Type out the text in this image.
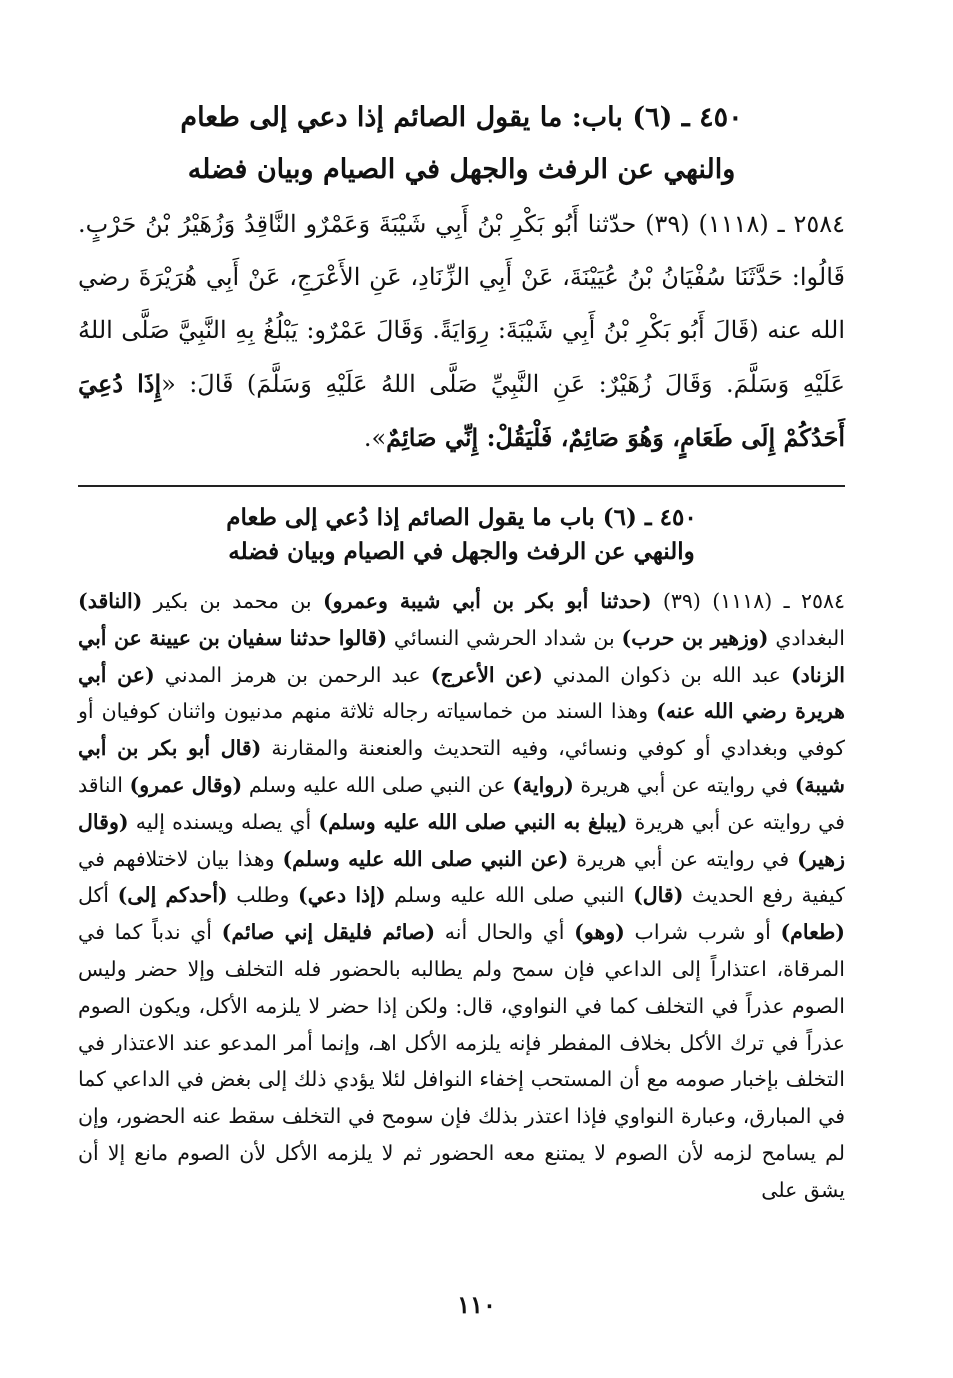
٤٥٠ ـ (٦) باب: ما يقول الصائم إذا دعي إلى طعام
والنهي عن الرفث والجهل في الصيام وبيان فضله
٢٥٨٤ ـ (١١١٨) (٣٩) حدّثنا أَبُو بَكْرِ بْنُ أَبِي شَيْبَةَ وَعَمْرٌو النَّاقِدُ وَزُهَيْرُ بْنُ حَرْبٍ. قَالُوا: حَدَّثَنَا سُفْيَانُ بْنُ عُيَيْنَةَ، عَنْ أَبِي الزِّنَادِ، عَنِ الأَعْرَجِ، عَنْ أَبِي هُرَيْرَةَ رضي الله عنه (قَالَ أَبُو بَكْرِ بْنُ أَبِي شَيْبَةَ: رِوَايَةً. وَقَالَ عَمْرٌو: يَبْلُغُ بِهِ النَّبِيَّ صَلَّى اللهُ عَلَيْهِ وَسَلَّمَ. وَقَالَ زُهَيْرٌ: عَنِ النَّبِيِّ صَلَّى اللهُ عَلَيْهِ وَسَلَّمَ) قَالَ: «إِذَا دُعِيَ أَحَدُكُمْ إِلَى طَعَامٍ، وَهُوَ صَائِمٌ، فَلْيَقُلْ: إِنِّي صَائِمٌ».
٤٥٠ ـ (٦) باب ما يقول الصائم إذا دُعي إلى طعام
والنهي عن الرفث والجهل في الصيام وبيان فضله
٢٥٨٤ ـ (١١١٨) (٣٩) (حدثنا أبو بكر بن أبي شيبة وعمرو) بن محمد بن بكير (الناقد) البغدادي (وزهير بن حرب) بن شداد الحرشي النسائي (قالوا حدثنا سفيان بن عيينة عن أبي الزناد) عبد الله بن ذكوان المدني (عن الأعرج) عبد الرحمن بن هرمز المدني (عن أبي هريرة رضي الله عنه) وهذا السند من خماسياته رجاله ثلاثة منهم مدنيون واثنان كوفيان أو كوفي وبغدادي أو كوفي ونسائي، وفيه التحديث والعنعنة والمقارنة (قال أبو بكر بن أبي شيبة) في روايته عن أبي هريرة (رواية) عن النبي صلى الله عليه وسلم (وقال عمرو) الناقد في روايته عن أبي هريرة (يبلغ به النبي صلى الله عليه وسلم) أي يصله ويسنده إليه (وقال زهير) في روايته عن أبي هريرة (عن النبي صلى الله عليه وسلم) وهذا بيان لاختلافهم في كيفية رفع الحديث (قال) النبي صلى الله عليه وسلم (إذا دعي) وطلب (أحدكم إلى) أكل (طعام) أو شرب شراب (وهو) أي والحال أنه (صائم فليقل إني صائم) أي ندباً كما في المرقاة، اعتذاراً إلى الداعي فإن سمح ولم يطالبه بالحضور فله التخلف وإلا حضر وليس الصوم عذراً في التخلف كما في النواوي، قال: ولكن إذا حضر لا يلزمه الأكل، ويكون الصوم عذراً في ترك الأكل بخلاف المفطر فإنه يلزمه الأكل اهـ، وإنما أمر المدعو عند الاعتذار في التخلف بإخبار صومه مع أن المستحب إخفاء النوافل لئلا يؤدي ذلك إلى بغض في الداعي كما في المبارق، وعبارة النواوي فإذا اعتذر بذلك فإن سومح في التخلف سقط عنه الحضور، وإن لم يسامح لزمه لأن الصوم لا يمتنع معه الحضور ثم لا يلزمه الأكل لأن الصوم مانع إلا أن يشق على
١١٠
